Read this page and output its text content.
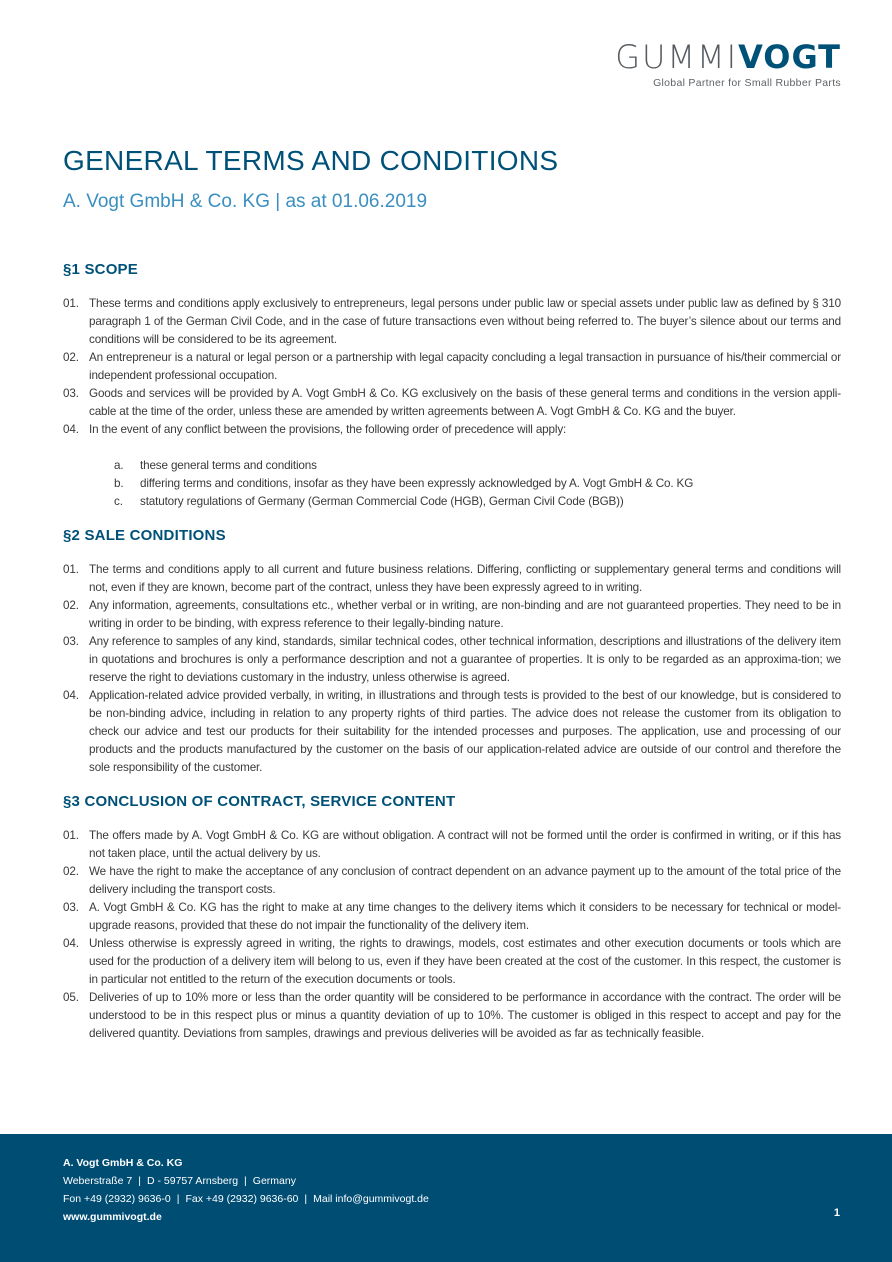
GUMMIVOGT
Global Partner for Small Rubber Parts
GENERAL TERMS AND CONDITIONS
A. Vogt GmbH & Co. KG | as at 01.06.2019
§1 SCOPE
01. These terms and conditions apply exclusively to entrepreneurs, legal persons under public law or special assets under public law as defined by § 310 paragraph 1 of the German Civil Code, and in the case of future transactions even without being referred to. The buyer’s silence about our terms and conditions will be considered to be its agreement.
02. An entrepreneur is a natural or legal person or a partnership with legal capacity concluding a legal transaction in pursuance of his/their commercial or independent professional occupation.
03. Goods and services will be provided by A. Vogt GmbH & Co. KG exclusively on the basis of these general terms and conditions in the version appli-cable at the time of the order, unless these are amended by written agreements between A. Vogt GmbH & Co. KG and the buyer.
04. In the event of any conflict between the provisions, the following order of precedence will apply:
a. these general terms and conditions
b. differing terms and conditions, insofar as they have been expressly acknowledged by A. Vogt GmbH & Co. KG
c. statutory regulations of Germany (German Commercial Code (HGB), German Civil Code (BGB))
§2 SALE CONDITIONS
01. The terms and conditions apply to all current and future business relations. Differing, conflicting or supplementary general terms and conditions will not, even if they are known, become part of the contract, unless they have been expressly agreed to in writing.
02. Any information, agreements, consultations etc., whether verbal or in writing, are non-binding and are not guaranteed properties. They need to be in writing in order to be binding, with express reference to their legally-binding nature.
03. Any reference to samples of any kind, standards, similar technical codes, other technical information, descriptions and illustrations of the delivery item in quotations and brochures is only a performance description and not a guarantee of properties. It is only to be regarded as an approxima-tion; we reserve the right to deviations customary in the industry, unless otherwise is agreed.
04. Application-related advice provided verbally, in writing, in illustrations and through tests is provided to the best of our knowledge, but is considered to be non-binding advice, including in relation to any property rights of third parties. The advice does not release the customer from its obligation to check our advice and test our products for their suitability for the intended processes and purposes. The application, use and processing of our products and the products manufactured by the customer on the basis of our application-related advice are outside of our control and therefore the sole responsibility of the customer.
§3 CONCLUSION OF CONTRACT, SERVICE CONTENT
01. The offers made by A. Vogt GmbH & Co. KG are without obligation. A contract will not be formed until the order is confirmed in writing, or if this has not taken place, until the actual delivery by us.
02. We have the right to make the acceptance of any conclusion of contract dependent on an advance payment up to the amount of the total price of the delivery including the transport costs.
03. A. Vogt GmbH & Co. KG has the right to make at any time changes to the delivery items which it considers to be necessary for technical or model-upgrade reasons, provided that these do not impair the functionality of the delivery item.
04. Unless otherwise is expressly agreed in writing, the rights to drawings, models, cost estimates and other execution documents or tools which are used for the production of a delivery item will belong to us, even if they have been created at the cost of the customer. In this respect, the customer is in particular not entitled to the return of the execution documents or tools.
05. Deliveries of up to 10% more or less than the order quantity will be considered to be performance in accordance with the contract. The order will be understood to be in this respect plus or minus a quantity deviation of up to 10%. The customer is obliged in this respect to accept and pay for the delivered quantity. Deviations from samples, drawings and previous deliveries will be avoided as far as technically feasible.
A. Vogt GmbH & Co. KG
Weberstraße 7 | D - 59757 Arnsberg | Germany
Fon +49 (2932) 9636-0 | Fax +49 (2932) 9636-60 | Mail info@gummivogt.de
www.gummivogt.de	1
